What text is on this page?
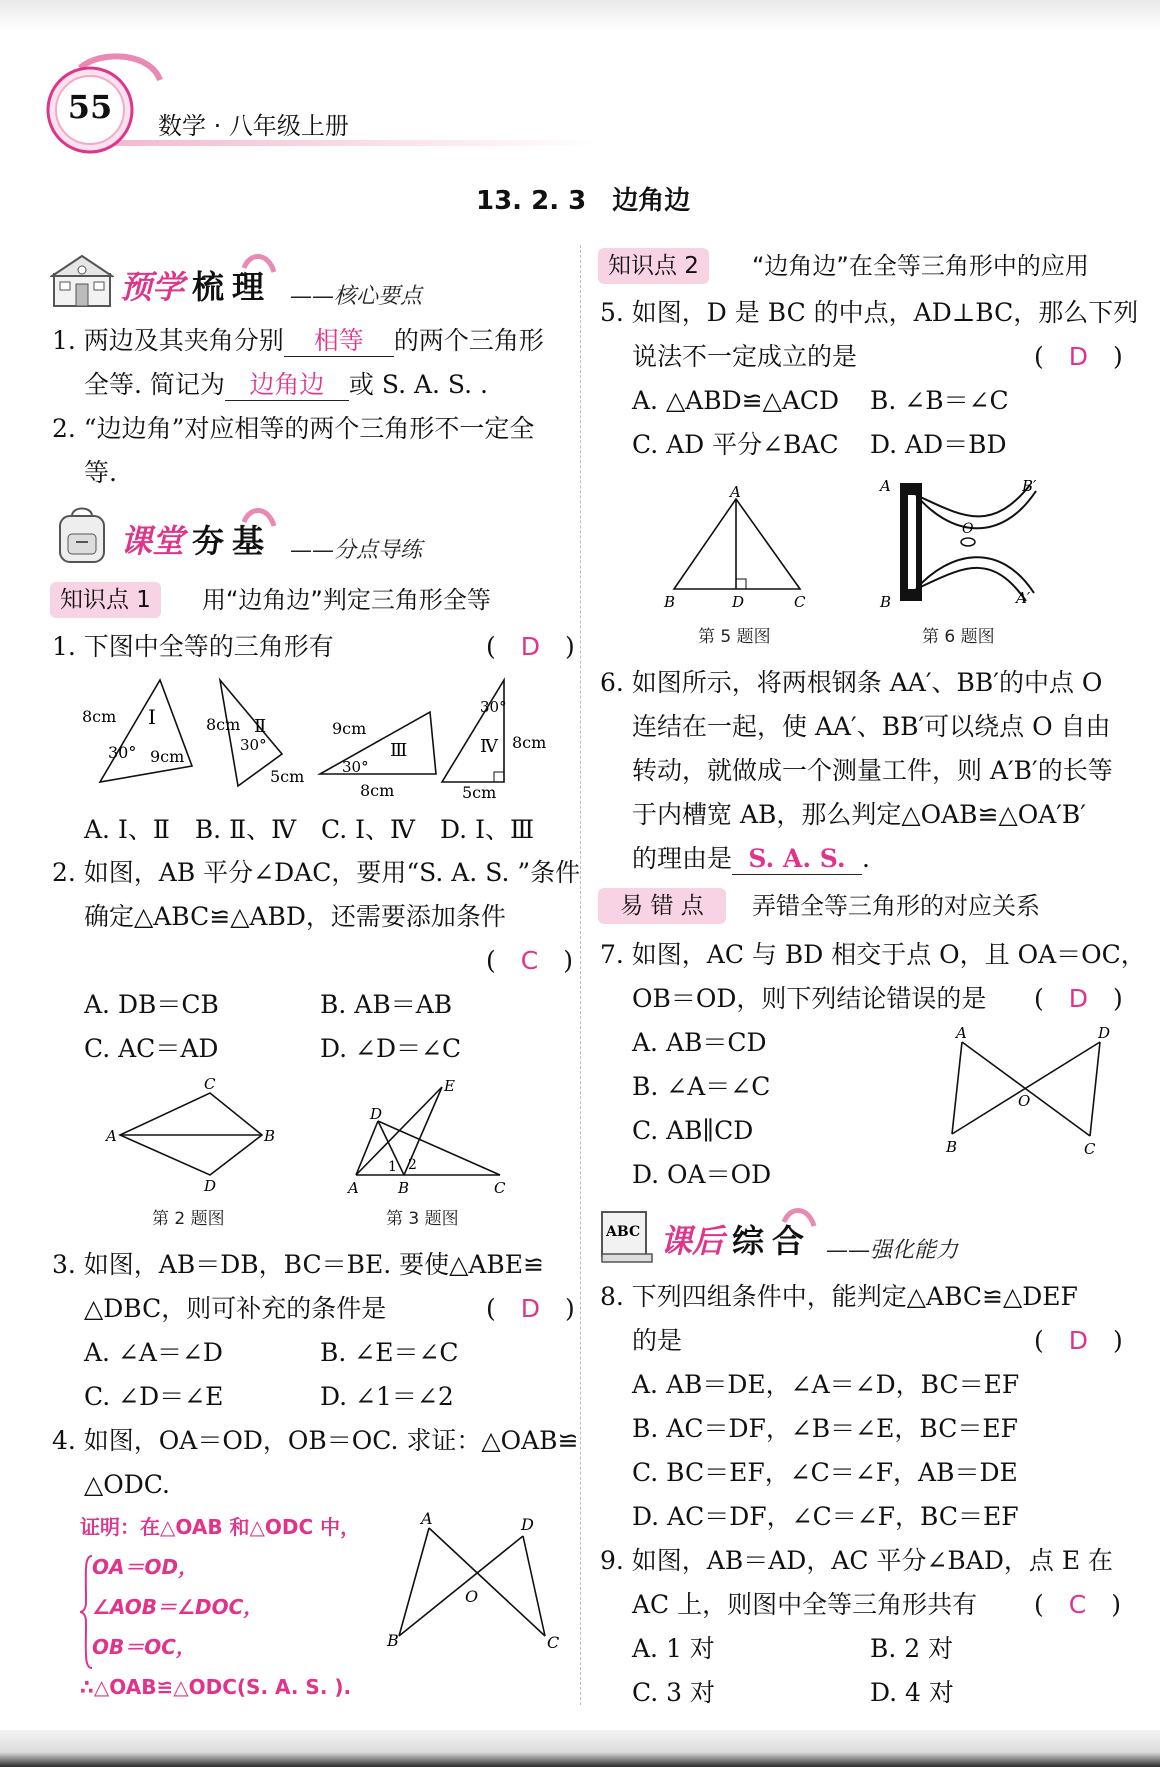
55 数学 · 八年级上册
13. 2. 3　边角边
预学 梳 理 ——核心要点
1. 两边及其夹角分别 相等 的两个三角形
全等. 简记为 边角边 或 S. A. S. .
2. “边边角”对应相等的两个三角形不一定全
等.
课堂 夯 基 ——分点导练
知识点 1	用“边角边”判定三角形全等
1. 下图中全等的三角形有	(　D　)
Ⅰ
8cm
30° 9cm
Ⅱ
8cm
30°
5cm
Ⅲ
9cm
30°
8cm
Ⅳ 8cm
30°
5cm
A. Ⅰ、Ⅱ　B. Ⅱ、Ⅳ　C. Ⅰ、Ⅳ　D. Ⅰ、Ⅲ
2. 如图，AB 平分∠DAC，要用“S. A. S. ”条件
确定△ABC≌△ABD，还需要添加条件
(　C　)
A. DB＝CB	B. AB＝AB
C. AC＝AD	D. ∠D＝∠C
A	B
C
D
第 2 题图
A	B	C
D
E
1 2
第 3 题图
3. 如图，AB＝DB，BC＝BE. 要使△ABE≌
△DBC，则可补充的条件是	(　D　)
A. ∠A＝∠D	B. ∠E＝∠C
C. ∠D＝∠E	D. ∠1＝∠2
4. 如图，OA＝OD，OB＝OC. 求证：△OAB≌
△ODC.
证明：在△OAB 和△ODC 中，
OA＝OD，
∠AOB＝∠DOC，
OB＝OC，
∴△OAB≌△ODC(S. A. S. ).
A
B	C
D
O
知识点 2	“边角边”在全等三角形中的应用
5. 如图，D 是 BC 的中点，AD⊥BC，那么下列
说法不一定成立的是	(　D　)
A. △ABD≌△ACD B. ∠B＝∠C
C. AD 平分∠BAC D. AD＝BD
A
B	C
D
第 5 题图
A
B
B′
A′
O
第 6 题图
6. 如图所示，将两根钢条 AA′、BB′的中点 O
连结在一起，使 AA′、BB′可以绕点 O 自由
转动，就做成一个测量工件，则 A′B′的长等
于内槽宽 AB，那么判定△OAB≌△OA′B′
的理由是 S. A. S. .
易 错 点	弄错全等三角形的对应关系
7. 如图，AC 与 BD 相交于点 O，且 OA＝OC，
OB＝OD，则下列结论错误的是 (　D　)
A. AB＝CD
B. ∠A＝∠C
C. AB∥CD
D. OA＝OD
A
B	C
D
O
ABC 课后 综 合 ——强化能力
8. 下列四组条件中，能判定△ABC≌△DEF
的是	(　D　)
A. AB＝DE，∠A＝∠D，BC＝EF
B. AC＝DF，∠B＝∠E，BC＝EF
C. BC＝EF，∠C＝∠F，AB＝DE
D. AC＝DF，∠C＝∠F，BC＝EF
9. 如图，AB＝AD，AC 平分∠BAD，点 E 在
AC 上，则图中全等三角形共有 (　C　)
A. 1 对	B. 2 对
C. 3 对	D. 4 对
